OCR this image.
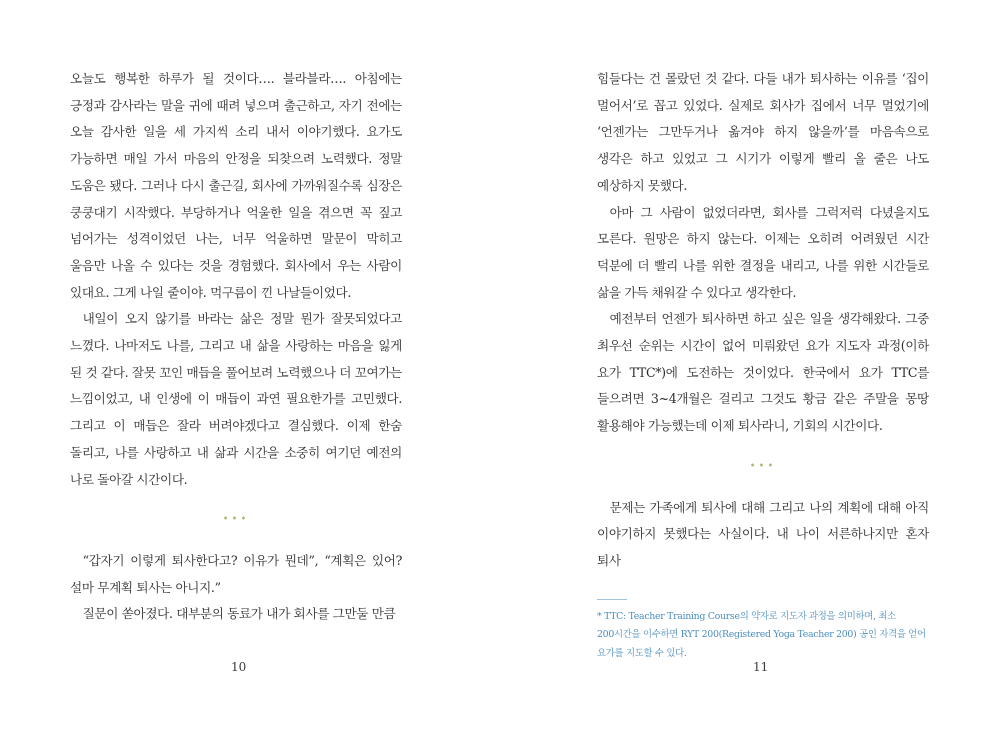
오늘도 행복한 하루가 될 것이다…. 블라블라…. 아침에는 긍정과 감사라는 말을 귀에 때려 넣으며 출근하고, 자기 전에는 오늘 감사한 일을 세 가지씩 소리 내서 이야기했다. 요가도 가능하면 매일 가서 마음의 안정을 되찾으려 노력했다. 정말 도움은 됐다. 그러나 다시 출근길, 회사에 가까워질수록 심장은 쿵쿵대기 시작했다. 부당하거나 억울한 일을 겪으면 꼭 짚고 넘어가는 성격이었던 나는, 너무 억울하면 말문이 막히고 울음만 나올 수 있다는 것을 경험했다. 회사에서 우는 사람이 있대요. 그게 나일 줄이야. 먹구름이 낀 나날들이었다.

내일이 오지 않기를 바라는 삶은 정말 뭔가 잘못되었다고 느꼈다. 나마저도 나를, 그리고 내 삶을 사랑하는 마음을 잃게 된 것 같다. 잘못 꼬인 매듭을 풀어보려 노력했으나 더 꼬여가는 느낌이었고, 내 인생에 이 매듭이 과연 필요한가를 고민했다. 그리고 이 매듭은 잘라 버려야겠다고 결심했다. 이제 한숨 돌리고, 나를 사랑하고 내 삶과 시간을 소중히 여기던 예전의 나로 돌아갈 시간이다.

•••

“갑자기 이렇게 퇴사한다고? 이유가 뭔데”, “계획은 있어? 설마 무계획 퇴사는 아니지.”

질문이 쏟아졌다. 대부분의 동료가 내가 회사를 그만둘 만큼

10

힘들다는 건 몰랐던 것 같다. 다들 내가 퇴사하는 이유를 ‘집이 멀어서’로 꼽고 있었다. 실제로 회사가 집에서 너무 멀었기에 ‘언젠가는 그만두거나 옮겨야 하지 않을까’를 마음속으로 생각은 하고 있었고 그 시기가 이렇게 빨리 올 줄은 나도 예상하지 못했다.

아마 그 사람이 없었더라면, 회사를 그럭저럭 다녔을지도 모른다. 원망은 하지 않는다. 이제는 오히려 어려웠던 시간 덕분에 더 빨리 나를 위한 결정을 내리고, 나를 위한 시간들로 삶을 가득 채워갈 수 있다고 생각한다.

예전부터 언젠가 퇴사하면 하고 싶은 일을 생각해왔다. 그중 최우선 순위는 시간이 없어 미뤄왔던 요가 지도자 과정(이하 요가 TTC*)에 도전하는 것이었다. 한국에서 요가 TTC를 들으려면 3~4개월은 걸리고 그것도 황금 같은 주말을 몽땅 활용해야 가능했는데 이제 퇴사라니, 기회의 시간이다.

•••

문제는 가족에게 퇴사에 대해 그리고 나의 계획에 대해 아직 이야기하지 못했다는 사실이다. 내 나이 서른하나지만 혼자 퇴사

* TTC: Teacher Training Course의 약자로 지도자 과정을 의미하며, 최소 200시간을 이수하면 RYT 200(Registered Yoga Teacher 200) 공인 자격을 얻어 요가를 지도할 수 있다.

11
